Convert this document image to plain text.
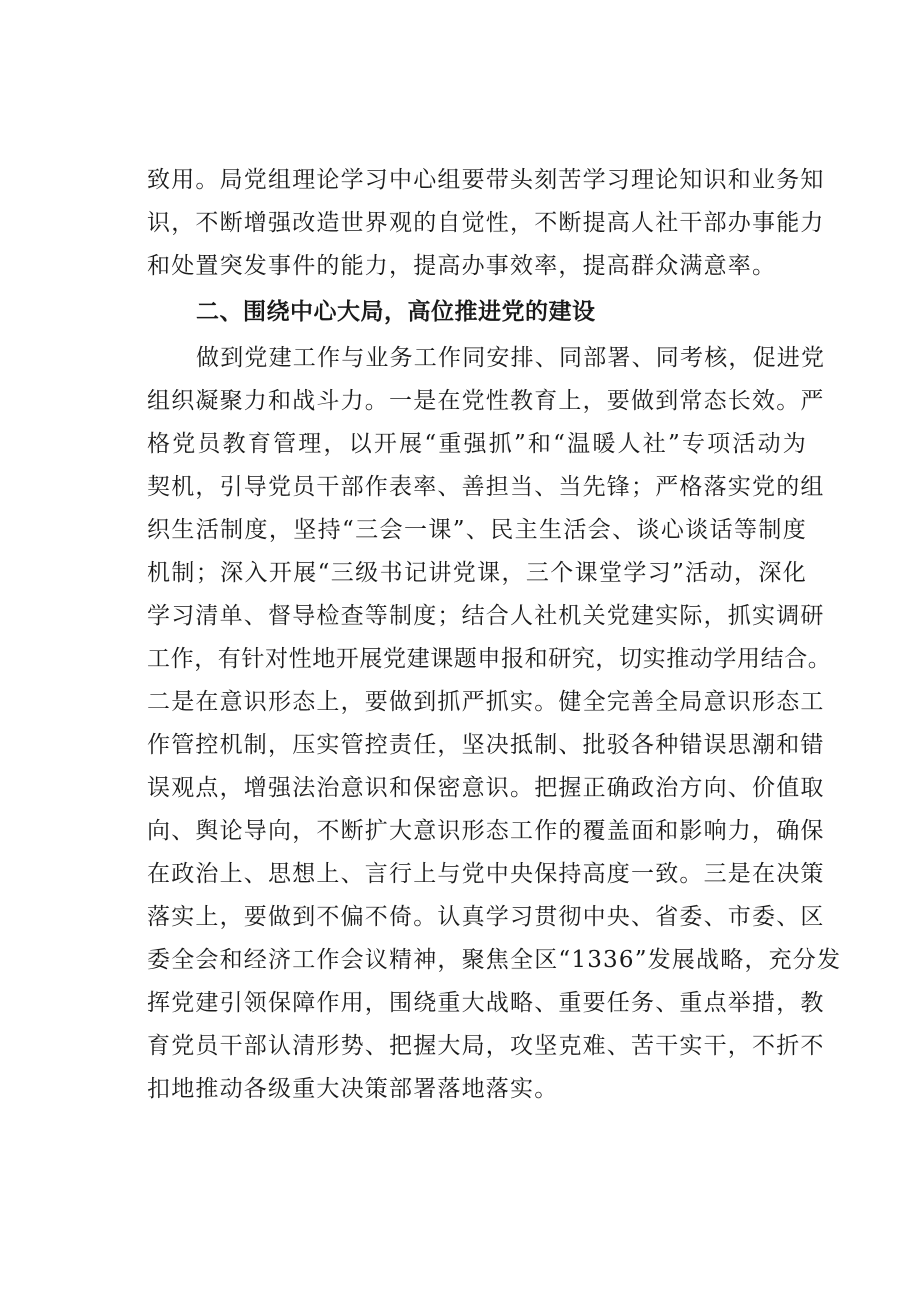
致用。局党组理论学习中心组要带头刻苦学习理论知识和业务知
识，不断增强改造世界观的自觉性，不断提高人社干部办事能力
和处置突发事件的能力，提高办事效率，提高群众满意率。
二、围绕中心大局，高位推进党的建设
做到党建工作与业务工作同安排、同部署、同考核，促进党
组织凝聚力和战斗力。一是在党性教育上，要做到常态长效。严
格党员教育管理，以开展“重强抓”和“温暖人社”专项活动为
契机，引导党员干部作表率、善担当、当先锋；严格落实党的组
织生活制度，坚持“三会一课”、民主生活会、谈心谈话等制度
机制；深入开展“三级书记讲党课，三个课堂学习”活动，深化
学习清单、督导检查等制度；结合人社机关党建实际，抓实调研
工作，有针对性地开展党建课题申报和研究，切实推动学用结合。
二是在意识形态上，要做到抓严抓实。健全完善全局意识形态工
作管控机制，压实管控责任，坚决抵制、批驳各种错误思潮和错
误观点，增强法治意识和保密意识。把握正确政治方向、价值取
向、舆论导向，不断扩大意识形态工作的覆盖面和影响力，确保
在政治上、思想上、言行上与党中央保持高度一致。三是在决策
落实上，要做到不偏不倚。认真学习贯彻中央、省委、市委、区
委全会和经济工作会议精神，聚焦全区“1336”发展战略，充分发
挥党建引领保障作用，围绕重大战略、重要任务、重点举措，教
育党员干部认清形势、把握大局，攻坚克难、苦干实干，不折不
扣地推动各级重大决策部署落地落实。
